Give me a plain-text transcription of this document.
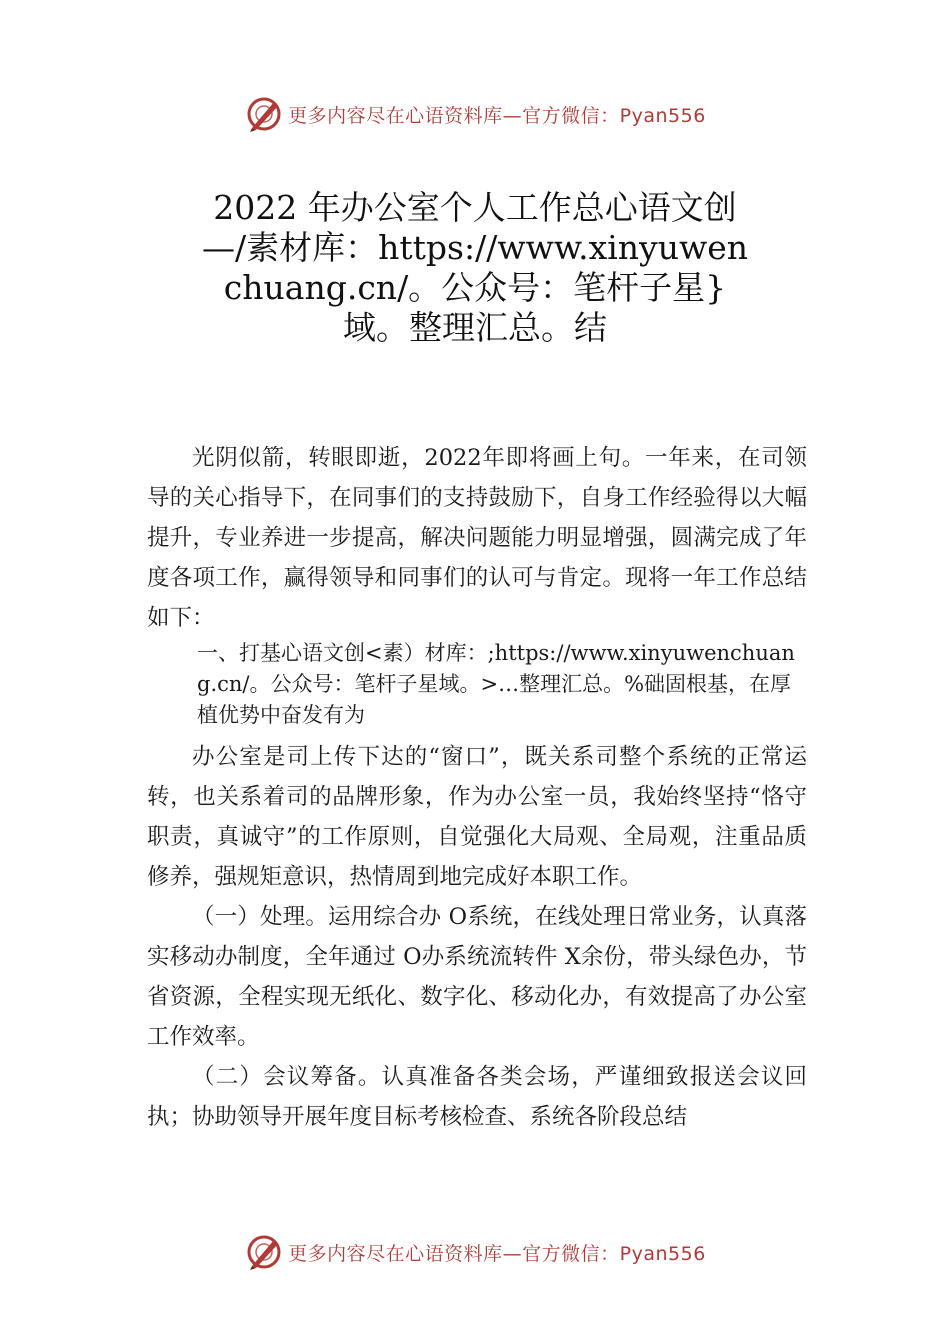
更多内容尽在心语资料库—官方微信：Pyan556
2022 年办公室个人工作总心语文创—/素材库：https://www.xinyuwenchuang.cn/。公众号：笔杆子星}域。整理汇总。结

光阴似箭，转眼即逝，2022年即将画上句。一年来，在司领导的关心指导下，在同事们的支持鼓励下，自身工作经验得以大幅提升，专业养进一步提高，解决问题能力明显增强，圆满完成了年度各项工作，赢得领导和同事们的认可与肯定。现将一年工作总结如下：

一、打基心语文创<素）材库：;https://www.xinyuwenchuang.cn/。公众号：笔杆子星域。>…整理汇总。%础固根基，在厚植优势中奋发有为

办公室是司上传下达的“窗口”，既关系司整个系统的正常运转，也关系着司的品牌形象，作为办公室一员，我始终坚持“恪守职责，真诚守”的工作原则，自觉强化大局观、全局观，注重品质修养，强规矩意识，热情周到地完成好本职工作。

（一）处理。运用综合办 O系统，在线处理日常业务，认真落实移动办制度，全年通过 O办系统流转件 X余份，带头绿色办，节省资源，全程实现无纸化、数字化、移动化办，有效提高了办公室工作效率。

（二）会议筹备。认真准备各类会场，严谨细致报送会议回执；协助领导开展年度目标考核检查、系统各阶段总结

更多内容尽在心语资料库—官方微信：Pyan556
